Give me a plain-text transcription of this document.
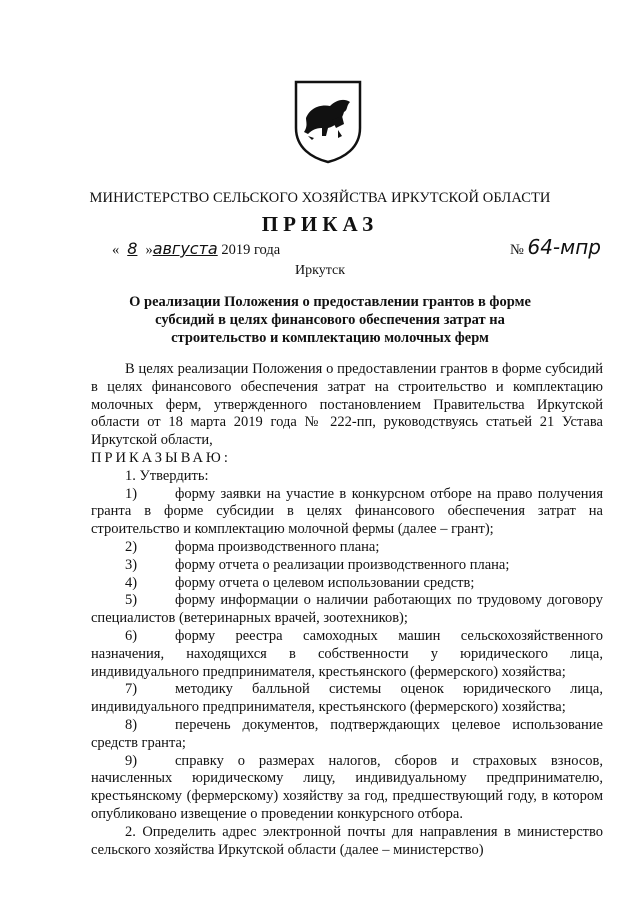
МИНИСТЕРСТВО СЕЛЬСКОГО ХОЗЯЙСТВА ИРКУТСКОЙ ОБЛАСТИ
ПРИКАЗ
« 8 »августа 2019 года	№ 64-мпр
Иркутск
О реализации Положения о предоставлении грантов в форме субсидий в целях финансового обеспечения затрат на строительство и комплектацию молочных ферм

В целях реализации Положения о предоставлении грантов в форме субсидий в целях финансового обеспечения затрат на строительство и комплектацию молочных ферм, утвержденного постановлением Правительства Иркутской области от 18 марта 2019 года № 222-пп, руководствуясь статьей 21 Устава Иркутской области,

ПРИКАЗЫВАЮ:

1. Утвердить:

1)	форму заявки на участие в конкурсном отборе на право получения гранта в форме субсидии в целях финансового обеспечения затрат на строительство и комплектацию молочной фермы (далее – грант);

2)	форма производственного плана;

3)	форму отчета о реализации производственного плана;

4)	форму отчета о целевом использовании средств;

5)	форму информации о наличии работающих по трудовому договору специалистов (ветеринарных врачей, зоотехников);

6)	форму реестра самоходных машин сельскохозяйственного назначения, находящихся в собственности у юридического лица, индивидуального предпринимателя, крестьянского (фермерского) хозяйства;

7)	методику балльной системы оценок юридического лица, индивидуального предпринимателя, крестьянского (фермерского) хозяйства;

8)	перечень документов, подтверждающих целевое использование средств гранта;

9)	справку о размерах налогов, сборов и страховых взносов, начисленных юридическому лицу, индивидуальному предпринимателю, крестьянскому (фермерскому) хозяйству за год, предшествующий году, в котором опубликовано извещение о проведении конкурсного отбора.

2. Определить адрес электронной почты для направления в министерство сельского хозяйства Иркутской области (далее – министерство)
